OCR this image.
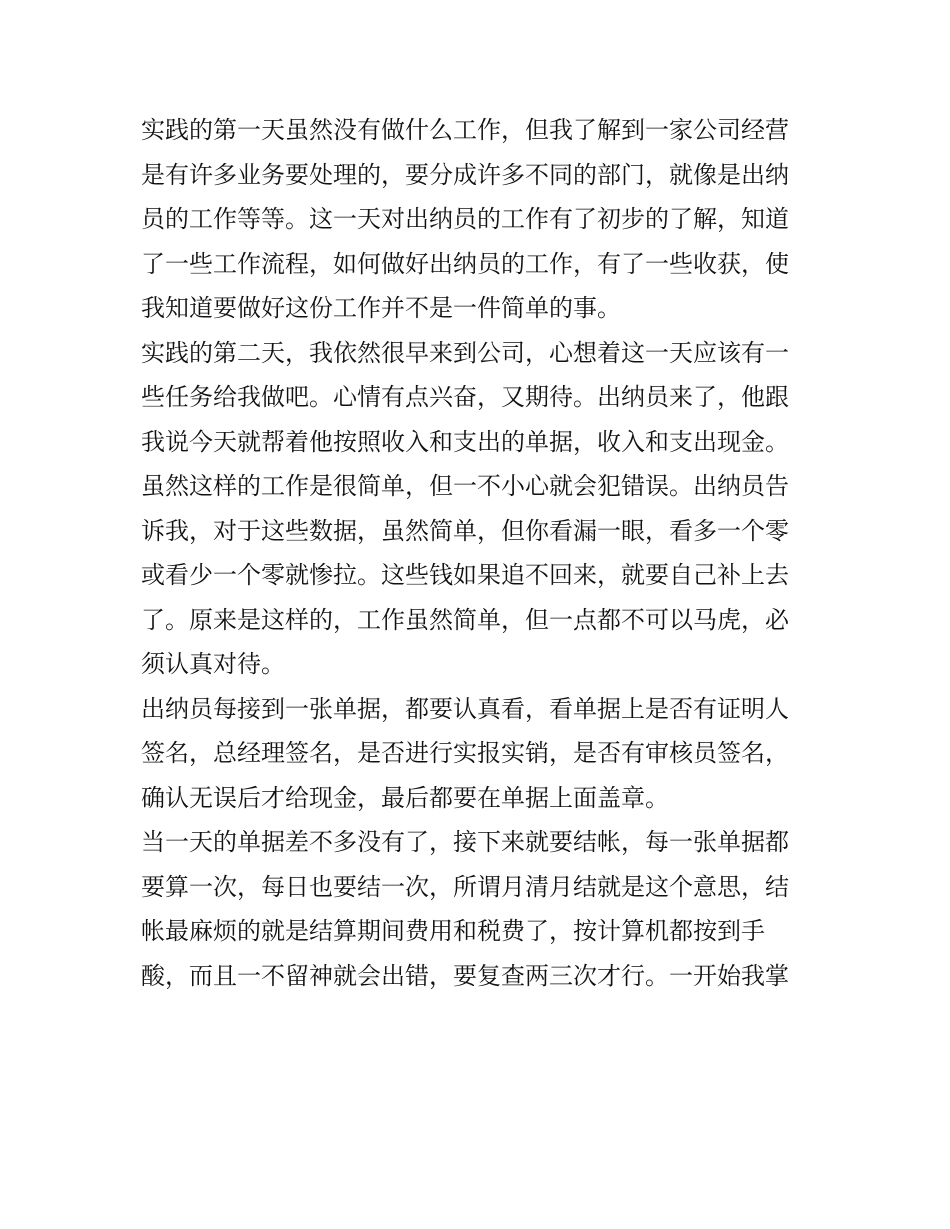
实践的第一天虽然没有做什么工作，但我了解到一家公司经营
是有许多业务要处理的，要分成许多不同的部门，就像是出纳
员的工作等等。这一天对出纳员的工作有了初步的了解，知道
了一些工作流程，如何做好出纳员的工作，有了一些收获，使
我知道要做好这份工作并不是一件简单的事。
实践的第二天，我依然很早来到公司，心想着这一天应该有一
些任务给我做吧。心情有点兴奋，又期待。出纳员来了，他跟
我说今天就帮着他按照收入和支出的单据，收入和支出现金。
虽然这样的工作是很简单，但一不小心就会犯错误。出纳员告
诉我，对于这些数据，虽然简单，但你看漏一眼，看多一个零
或看少一个零就惨拉。这些钱如果追不回来，就要自己补上去
了。原来是这样的，工作虽然简单，但一点都不可以马虎，必
须认真对待。
出纳员每接到一张单据，都要认真看，看单据上是否有证明人
签名，总经理签名，是否进行实报实销，是否有审核员签名，
确认无误后才给现金，最后都要在单据上面盖章。
当一天的单据差不多没有了，接下来就要结帐，每一张单据都
要算一次，每日也要结一次，所谓月清月结就是这个意思，结
帐最麻烦的就是结算期间费用和税费了，按计算机都按到手
酸，而且一不留神就会出错，要复查两三次才行。一开始我掌
